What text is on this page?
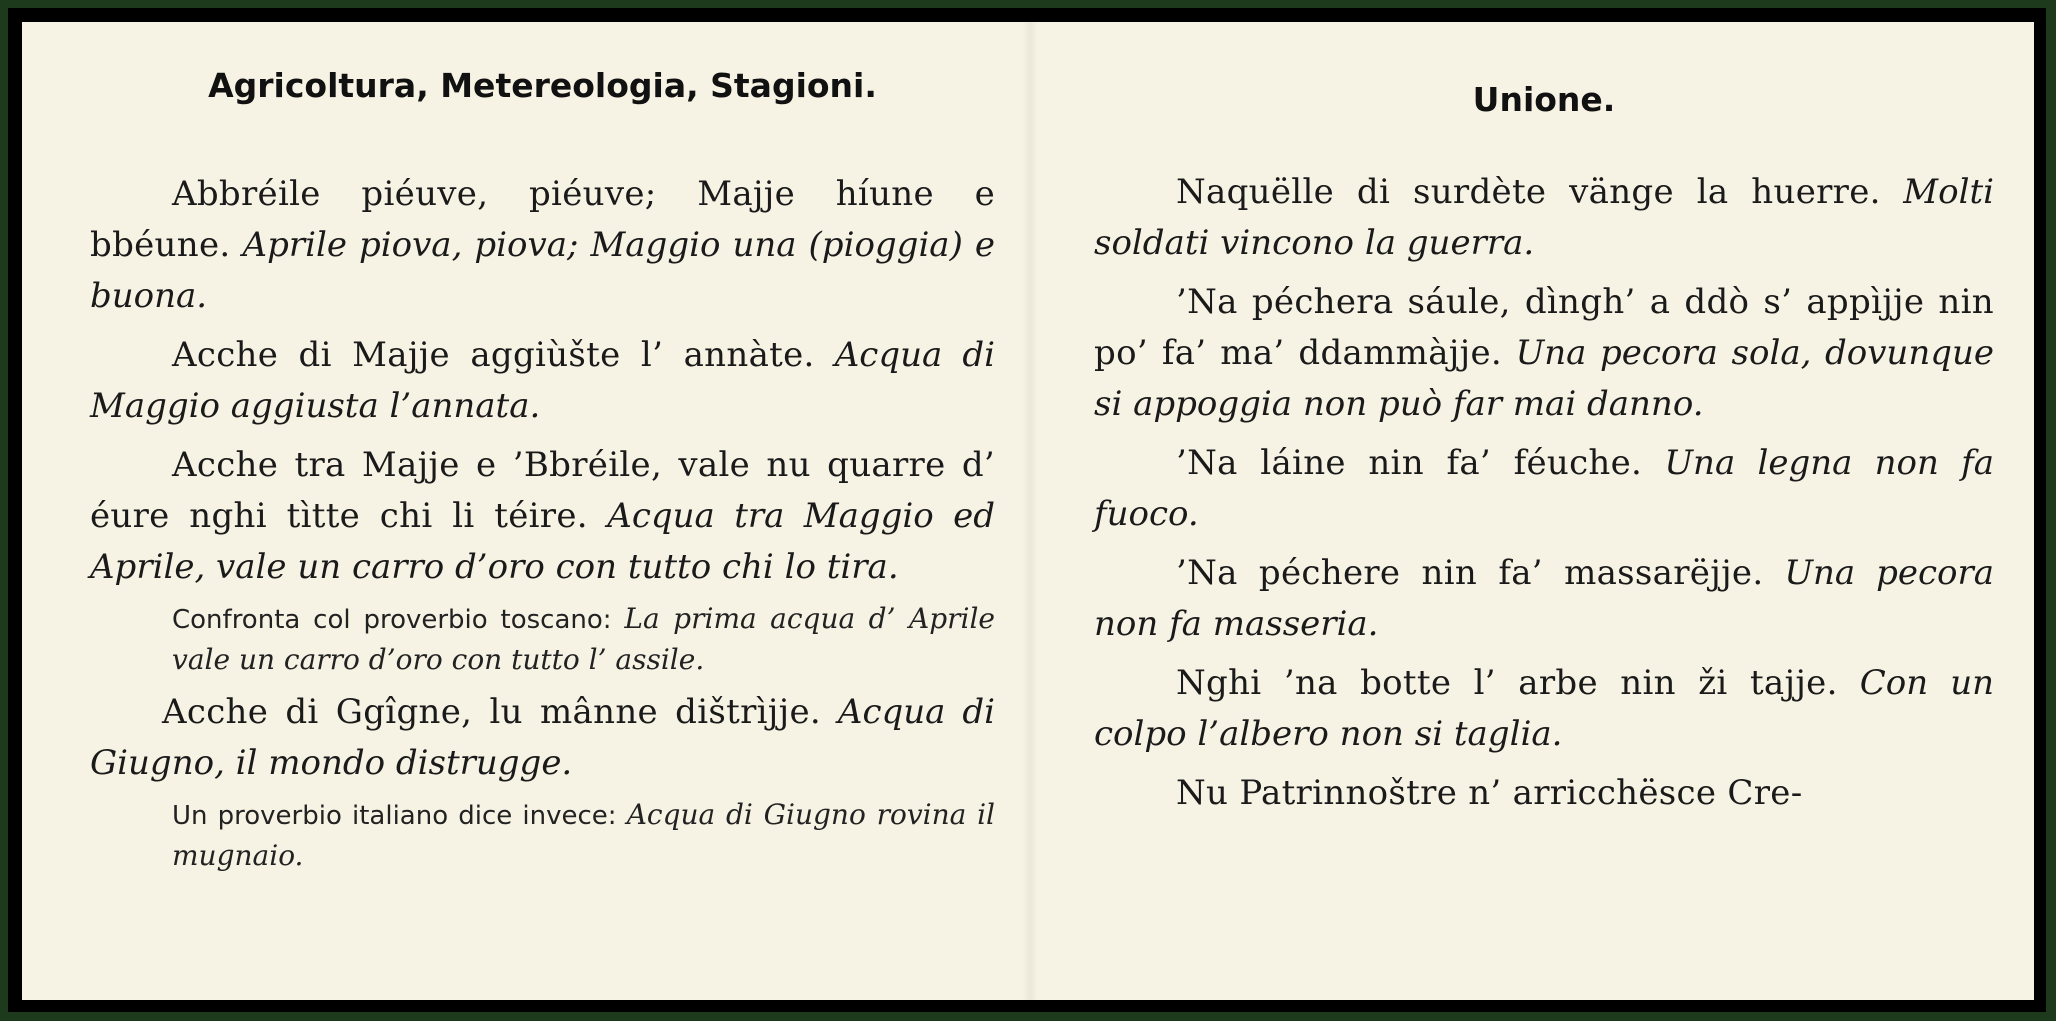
Agricoltura, Metereologia, Stagioni.

Abbréile piéuve, piéuve; Majje híune e bbéune. Aprile piova, piova; Maggio una (pioggia) e buona.

Acche di Majje aggiùšte l’ annàte. Acqua di Maggio aggiusta l’annata.

Acche tra Majje e ’Bbréile, vale nu quarre d’ éure nghi tìtte chi li téire. Acqua tra Maggio ed Aprile, vale un carro d’oro con tutto chi lo tira.

Confronta col proverbio toscano: La prima acqua d’ Aprile vale un carro d’oro con tutto l’ assile.

Acche di Ggîgne, lu mânne dištrìjje. Acqua di Giugno, il mondo distrugge.

Un proverbio italiano dice invece: Acqua di Giugno rovina il mugnaio.
Unione.

Naquëlle di surdète vänge la huerre. Molti soldati vincono la guerra.

’Na péchera sáule, dìngh’ a ddò s’ appìjje nin po’ fa’ ma’ ddammàjje. Una pecora sola, dovunque si appoggia non può far mai danno.

’Na láine nin fa’ féuche. Una legna non fa fuoco.

’Na péchere nin fa’ massarëjje. Una pecora non fa masseria.

Nghi ’na botte l’ arbe nin ži tajje. Con un colpo l’albero non si taglia.

Nu Patrinnoštre n’ arricchësce Cre-
